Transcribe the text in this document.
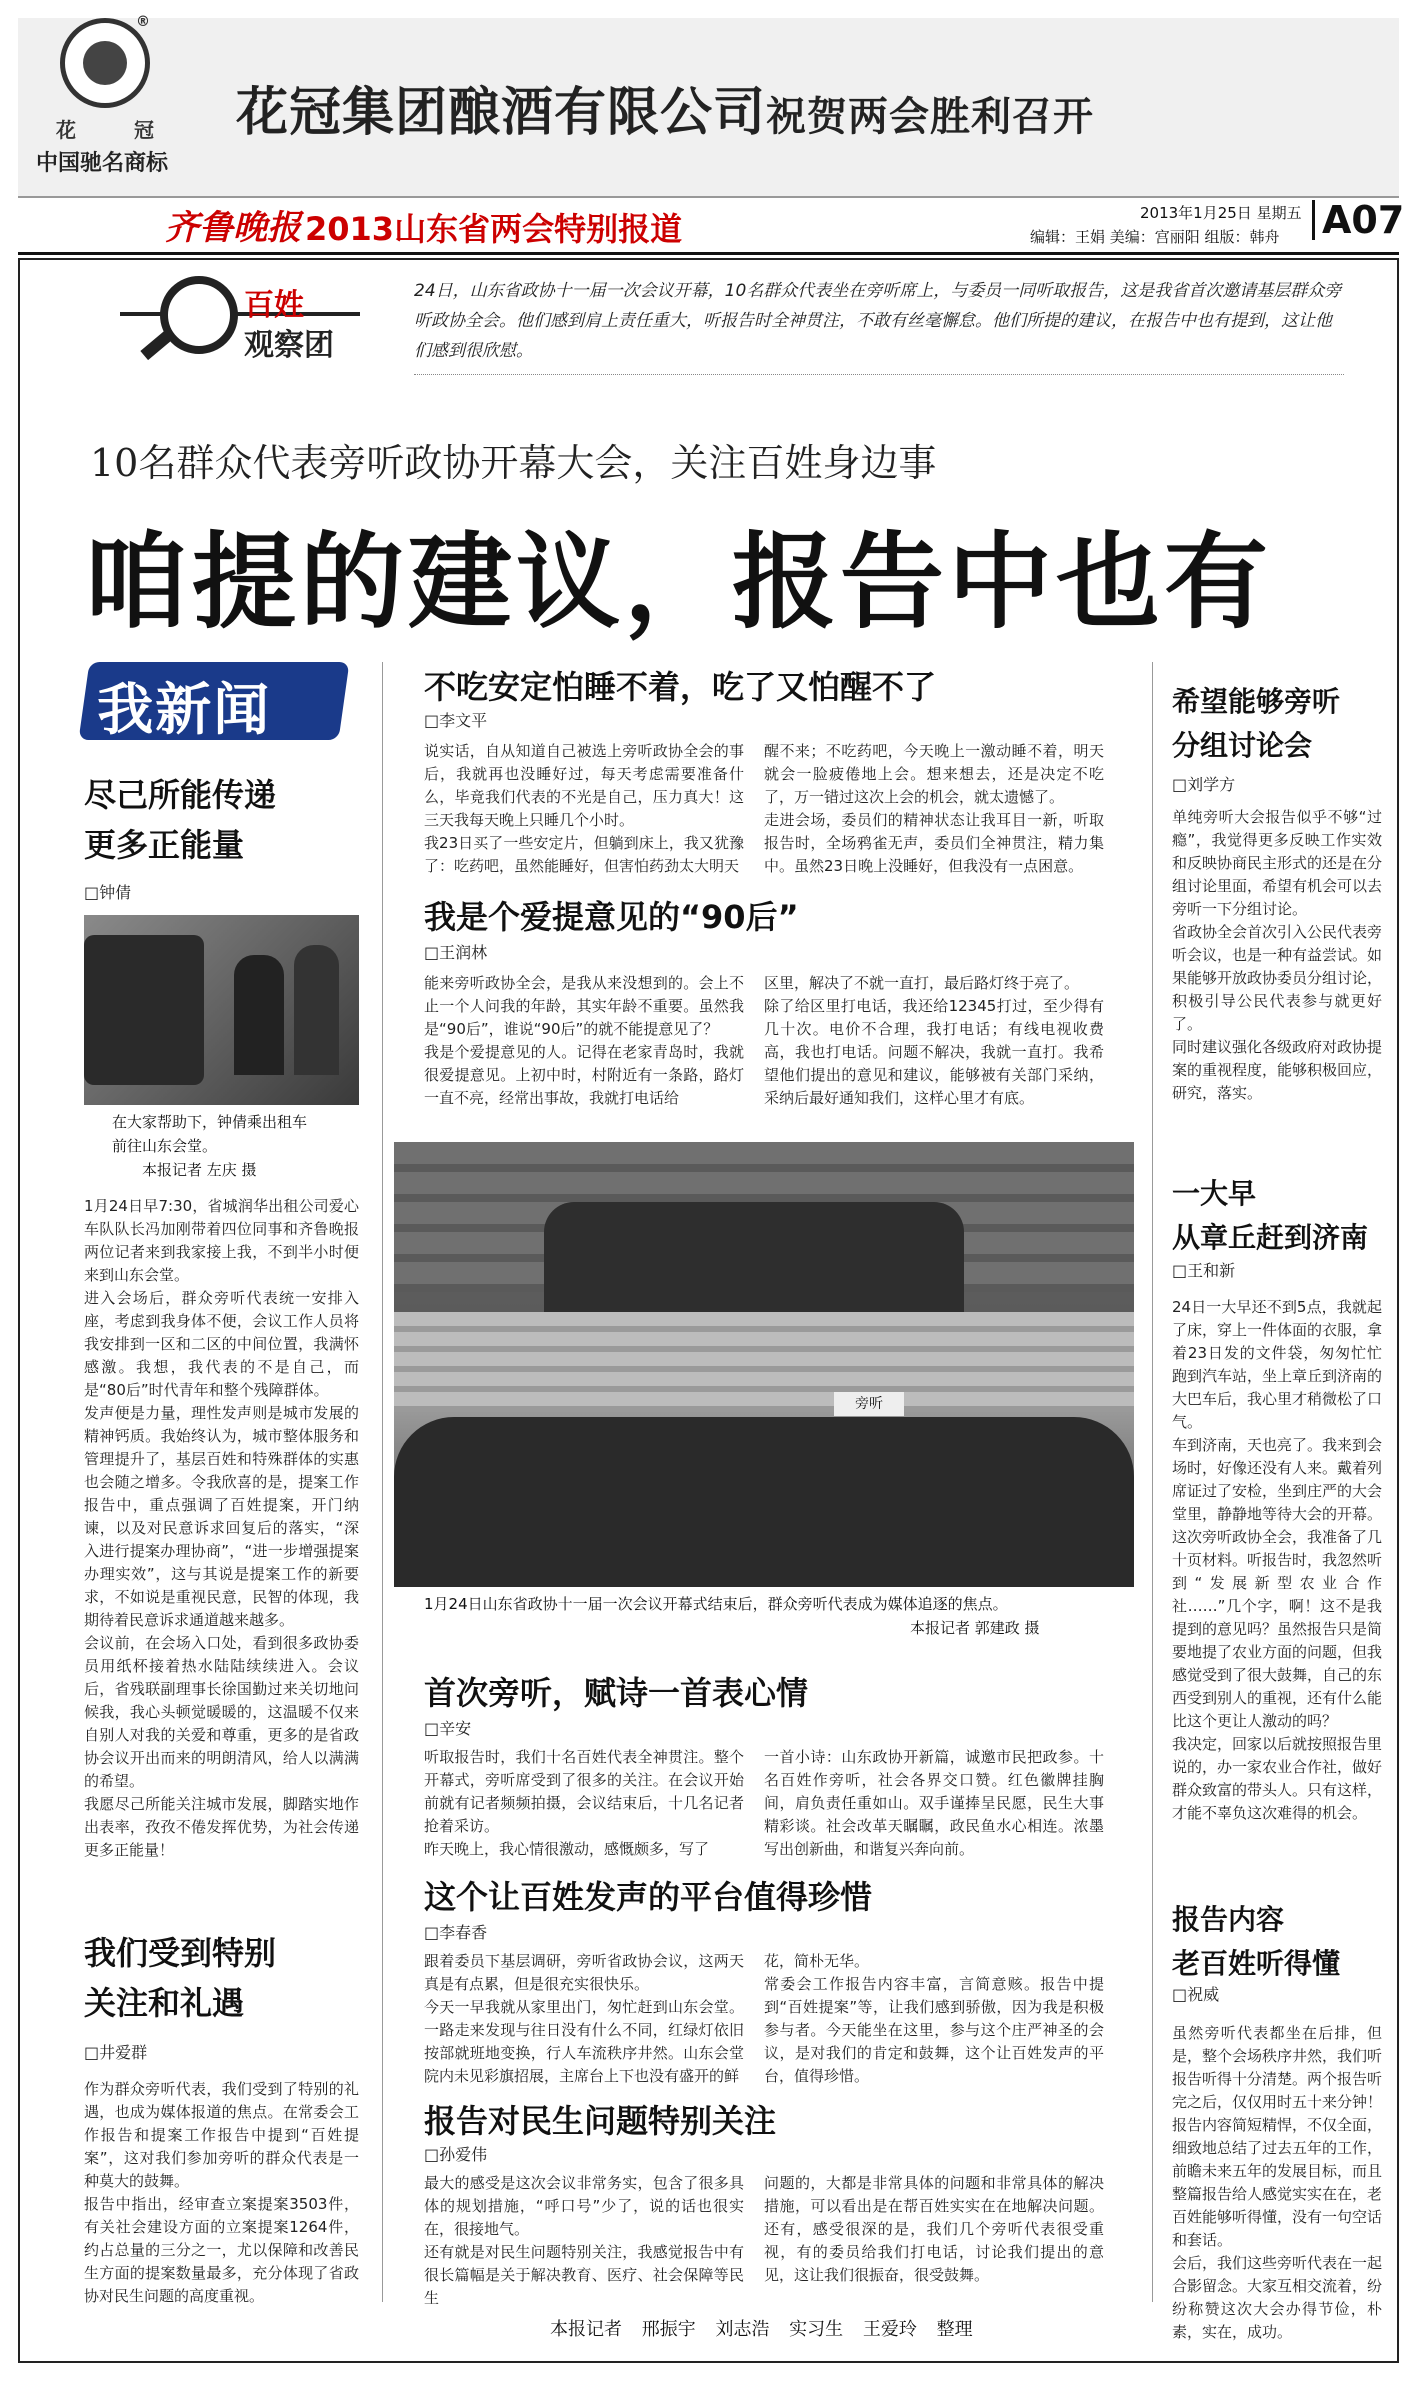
®
花	冠
中国驰名商标
花冠集团酿酒有限公司祝贺两会胜利召开
齐鲁晚报 2013山东省两会特别报道	2013年1月25日 星期五
编辑：王娟 美编：宫丽阳 组版：韩舟 A07
百姓
观察团
24日，山东省政协十一届一次会议开幕，10名群众代表坐在旁听席上，与委员一同听取报告，这是我省首次邀请基层群众旁听政协全会。他们感到肩上责任重大，听报告时全神贯注，不敢有丝毫懈怠。他们所提的建议，在报告中也有提到，这让他们感到很欣慰。
10名群众代表旁听政协开幕大会，关注百姓身边事
咱提的建议，报告中也有
我新闻
尽己所能传递
更多正能量
□钟倩
在大家帮助下，钟倩乘出租车
前往山东会堂。
本报记者 左庆 摄
1月24日早7:30，省城润华出租公司爱心车队队长冯加刚带着四位同事和齐鲁晚报两位记者来到我家接上我，不到半小时便来到山东会堂。
进入会场后，群众旁听代表统一安排入座，考虑到我身体不便，会议工作人员将我安排到一区和二区的中间位置，我满怀感激。我想，我代表的不是自己，而是“80后”时代青年和整个残障群体。
发声便是力量，理性发声则是城市发展的精神钙质。我始终认为，城市整体服务和管理提升了，基层百姓和特殊群体的实惠也会随之增多。令我欣喜的是，提案工作报告中，重点强调了百姓提案，开门纳谏，以及对民意诉求回复后的落实，“深入进行提案办理协商”，“进一步增强提案办理实效”，这与其说是提案工作的新要求，不如说是重视民意，民智的体现，我期待着民意诉求通道越来越多。
会议前，在会场入口处，看到很多政协委员用纸杯接着热水陆陆续续进入。会议后，省残联副理事长徐国勤过来关切地问候我，我心头顿觉暖暖的，这温暖不仅来自别人对我的关爱和尊重，更多的是省政协会议开出而来的明朗清风，给人以满满的希望。
我愿尽己所能关注城市发展，脚踏实地作出表率，孜孜不倦发挥优势，为社会传递更多正能量！
我们受到特别
关注和礼遇
□井爱群
作为群众旁听代表，我们受到了特别的礼遇，也成为媒体报道的焦点。在常委会工作报告和提案工作报告中提到“百姓提案”，这对我们参加旁听的群众代表是一种莫大的鼓舞。
报告中指出，经审查立案提案3503件，有关社会建设方面的立案提案1264件，约占总量的三分之一，尤以保障和改善民生方面的提案数量最多，充分体现了省政协对民生问题的高度重视。
不吃安定怕睡不着，吃了又怕醒不了
□李文平
说实话，自从知道自己被选上旁听政协全会的事后，我就再也没睡好过，每天考虑需要准备什么，毕竟我们代表的不光是自己，压力真大！这三天我每天晚上只睡几个小时。
我23日买了一些安定片，但躺到床上，我又犹豫了：吃药吧，虽然能睡好，但害怕药劲太大明天
醒不来；不吃药吧，今天晚上一激动睡不着，明天就会一脸疲倦地上会。想来想去，还是决定不吃了，万一错过这次上会的机会，就太遗憾了。
走进会场，委员们的精神状态让我耳目一新，听取报告时，全场鸦雀无声，委员们全神贯注，精力集中。虽然23日晚上没睡好，但我没有一点困意。
我是个爱提意见的“90后”
□王润林
能来旁听政协全会，是我从来没想到的。会上不止一个人问我的年龄，其实年龄不重要。虽然我是“90后”，谁说“90后”的就不能提意见了？
我是个爱提意见的人。记得在老家青岛时，我就很爱提意见。上初中时，村附近有一条路，路灯一直不亮，经常出事故，我就打电话给
区里，解决了不就一直打，最后路灯终于亮了。
除了给区里打电话，我还给12345打过，至少得有几十次。电价不合理，我打电话；有线电视收费高，我也打电话。问题不解决，我就一直打。我希望他们提出的意见和建议，能够被有关部门采纳，采纳后最好通知我们，这样心里才有底。
旁听
1月24日山东省政协十一届一次会议开幕式结束后，群众旁听代表成为媒体追逐的焦点。
本报记者 郭建政 摄
首次旁听，赋诗一首表心情
□辛安
听取报告时，我们十名百姓代表全神贯注。整个开幕式，旁听席受到了很多的关注。在会议开始前就有记者频频拍摄，会议结束后，十几名记者抢着采访。
昨天晚上，我心情很激动，感慨颇多，写了
一首小诗：山东政协开新篇，诚邀市民把政参。十名百姓作旁听，社会各界交口赞。红色徽牌挂胸间，肩负责任重如山。双手谨捧呈民愿，民生大事精彩谈。社会改革天瞩瞩，政民鱼水心相连。浓墨写出创新曲，和谐复兴奔向前。
这个让百姓发声的平台值得珍惜
□李春香
跟着委员下基层调研，旁听省政协会议，这两天真是有点累，但是很充实很快乐。
今天一早我就从家里出门，匆忙赶到山东会堂。一路走来发现与往日没有什么不同，红绿灯依旧按部就班地变换，行人车流秩序井然。山东会堂院内未见彩旗招展，主席台上下也没有盛开的鲜
花，简朴无华。
常委会工作报告内容丰富，言简意赅。报告中提到“百姓提案”等，让我们感到骄傲，因为我是积极参与者。今天能坐在这里，参与这个庄严神圣的会议，是对我们的肯定和鼓舞，这个让百姓发声的平台，值得珍惜。
报告对民生问题特别关注
□孙爱伟
最大的感受是这次会议非常务实，包含了很多具体的规划措施，“呼口号”少了，说的话也很实在，很接地气。
还有就是对民生问题特别关注，我感觉报告中有很长篇幅是关于解决教育、医疗、社会保障等民生
问题的，大都是非常具体的问题和非常具体的解决措施，可以看出是在帮百姓实实在在地解决问题。还有，感受很深的是，我们几个旁听代表很受重视，有的委员给我们打电话，讨论我们提出的意见，这让我们很振奋，很受鼓舞。
希望能够旁听
分组讨论会
□刘学方
单纯旁听大会报告似乎不够“过瘾”，我觉得更多反映工作实效和反映协商民主形式的还是在分组讨论里面，希望有机会可以去旁听一下分组讨论。
省政协全会首次引入公民代表旁听会议，也是一种有益尝试。如果能够开放政协委员分组讨论，积极引导公民代表参与就更好了。
同时建议强化各级政府对政协提案的重视程度，能够积极回应，研究，落实。
一大早
从章丘赶到济南
□王和新
24日一大早还不到5点，我就起了床，穿上一件体面的衣服，拿着23日发的文件袋，匆匆忙忙跑到汽车站，坐上章丘到济南的大巴车后，我心里才稍微松了口气。
车到济南，天也亮了。我来到会场时，好像还没有人来。戴着列席证过了安检，坐到庄严的大会堂里，静静地等待大会的开幕。
这次旁听政协全会，我准备了几十页材料。听报告时，我忽然听到“发展新型农业合作社……”几个字，啊！这不是我提到的意见吗？虽然报告只是简要地提了农业方面的问题，但我感觉受到了很大鼓舞，自己的东西受到别人的重视，还有什么能比这个更让人激动的吗？
我决定，回家以后就按照报告里说的，办一家农业合作社，做好群众致富的带头人。只有这样，才能不辜负这次难得的机会。
报告内容
老百姓听得懂
□祝威
虽然旁听代表都坐在后排，但是，整个会场秩序井然，我们听报告听得十分清楚。两个报告听完之后，仅仅用时五十来分钟！报告内容简短精悍，不仅全面，细致地总结了过去五年的工作，前瞻未来五年的发展目标，而且整篇报告给人感觉实实在在，老百姓能够听得懂，没有一句空话和套话。
会后，我们这些旁听代表在一起合影留念。大家互相交流着，纷纷称赞这次大会办得节俭，朴素，实在，成功。
本报记者 邢振宇 刘志浩 实习生 王爱玲 整理
